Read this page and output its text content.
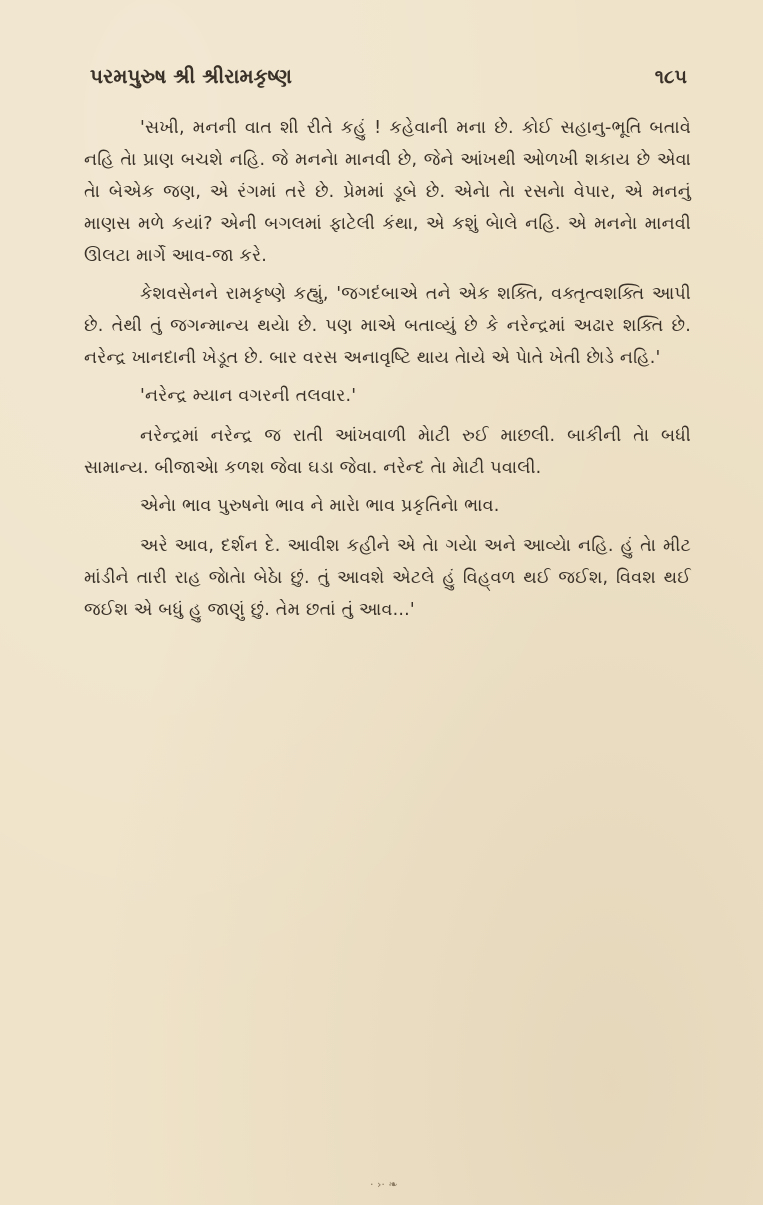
પરમપુરુષ શ્રી શ્રીરામકૃષ્ણ	૧૮૫

'સખી, મનની વાત શી રીતે કહું ! કહેવાની મના છે. કોઈ સહાનુ-ભૂતિ બતાવે નહિ તેા પ્રાણ બચશે નહિ. જે મનનેા માનવી છે, જેને આંખથી ઓળખી શકાય છે એવા તેા બેએક જણ, એ રંગમાં તરે છે. પ્રેમમાં ડૂબે છે. એનેા તેા રસનેા વેપાર, એ મનનું માણસ મળે કયાં? એની બગલમાં ફાટેલી કંથા, એ કશું બેાલે નહિ. એ મનનેા માનવી ઊલટા માર્ગે આવ-જા કરે.

કેશવસેનને રામકૃષ્ણે કહ્યું, 'જગદંબાએ તને એક શક્તિ, વક્તૃત્વશક્તિ આપી છે. તેથી તું જગન્માન્ય થયેા છે. પણ માએ બતાવ્યું છે કે નરેન્દ્રમાં અઢાર શક્તિ છે. નરેન્દ્ર ખાનદાની ખેડૂત છે. બાર વરસ અનાવૃષ્ટિ થાય તેાયે એ પેાતે ખેતી છેાડે નહિ.'

'નરેન્દ્ર મ્યાન વગરની તલવાર.'

નરેન્દ્રમાં નરેન્દ્ર જ રાતી આંખવાળી મેાટી રુઈ માછલી. બાકીની તેા બધી સામાન્ય. બીજાએા કળશ જેવા ઘડા જેવા. નરેન્દ તેા મેાટી પવાલી.

એનેા ભાવ પુરુષનેા ભાવ ને મારેા ભાવ પ્રકૃતિનેા ભાવ.

અરે આવ, દર્શન દે. આવીશ કહીને એ તેા ગયેા અને આવ્યેા નહિ. હું તેા મીટ માંડીને તારી રાહ જેાતેા બેઠેા છું. તું આવશે એટલે હું વિહ્‌વળ થઈ જઈશ, વિવશ થઈ જઈશ એ બધું હુ જાણું છું. તેમ છતાં તું આવ...'

· ›· ❧
